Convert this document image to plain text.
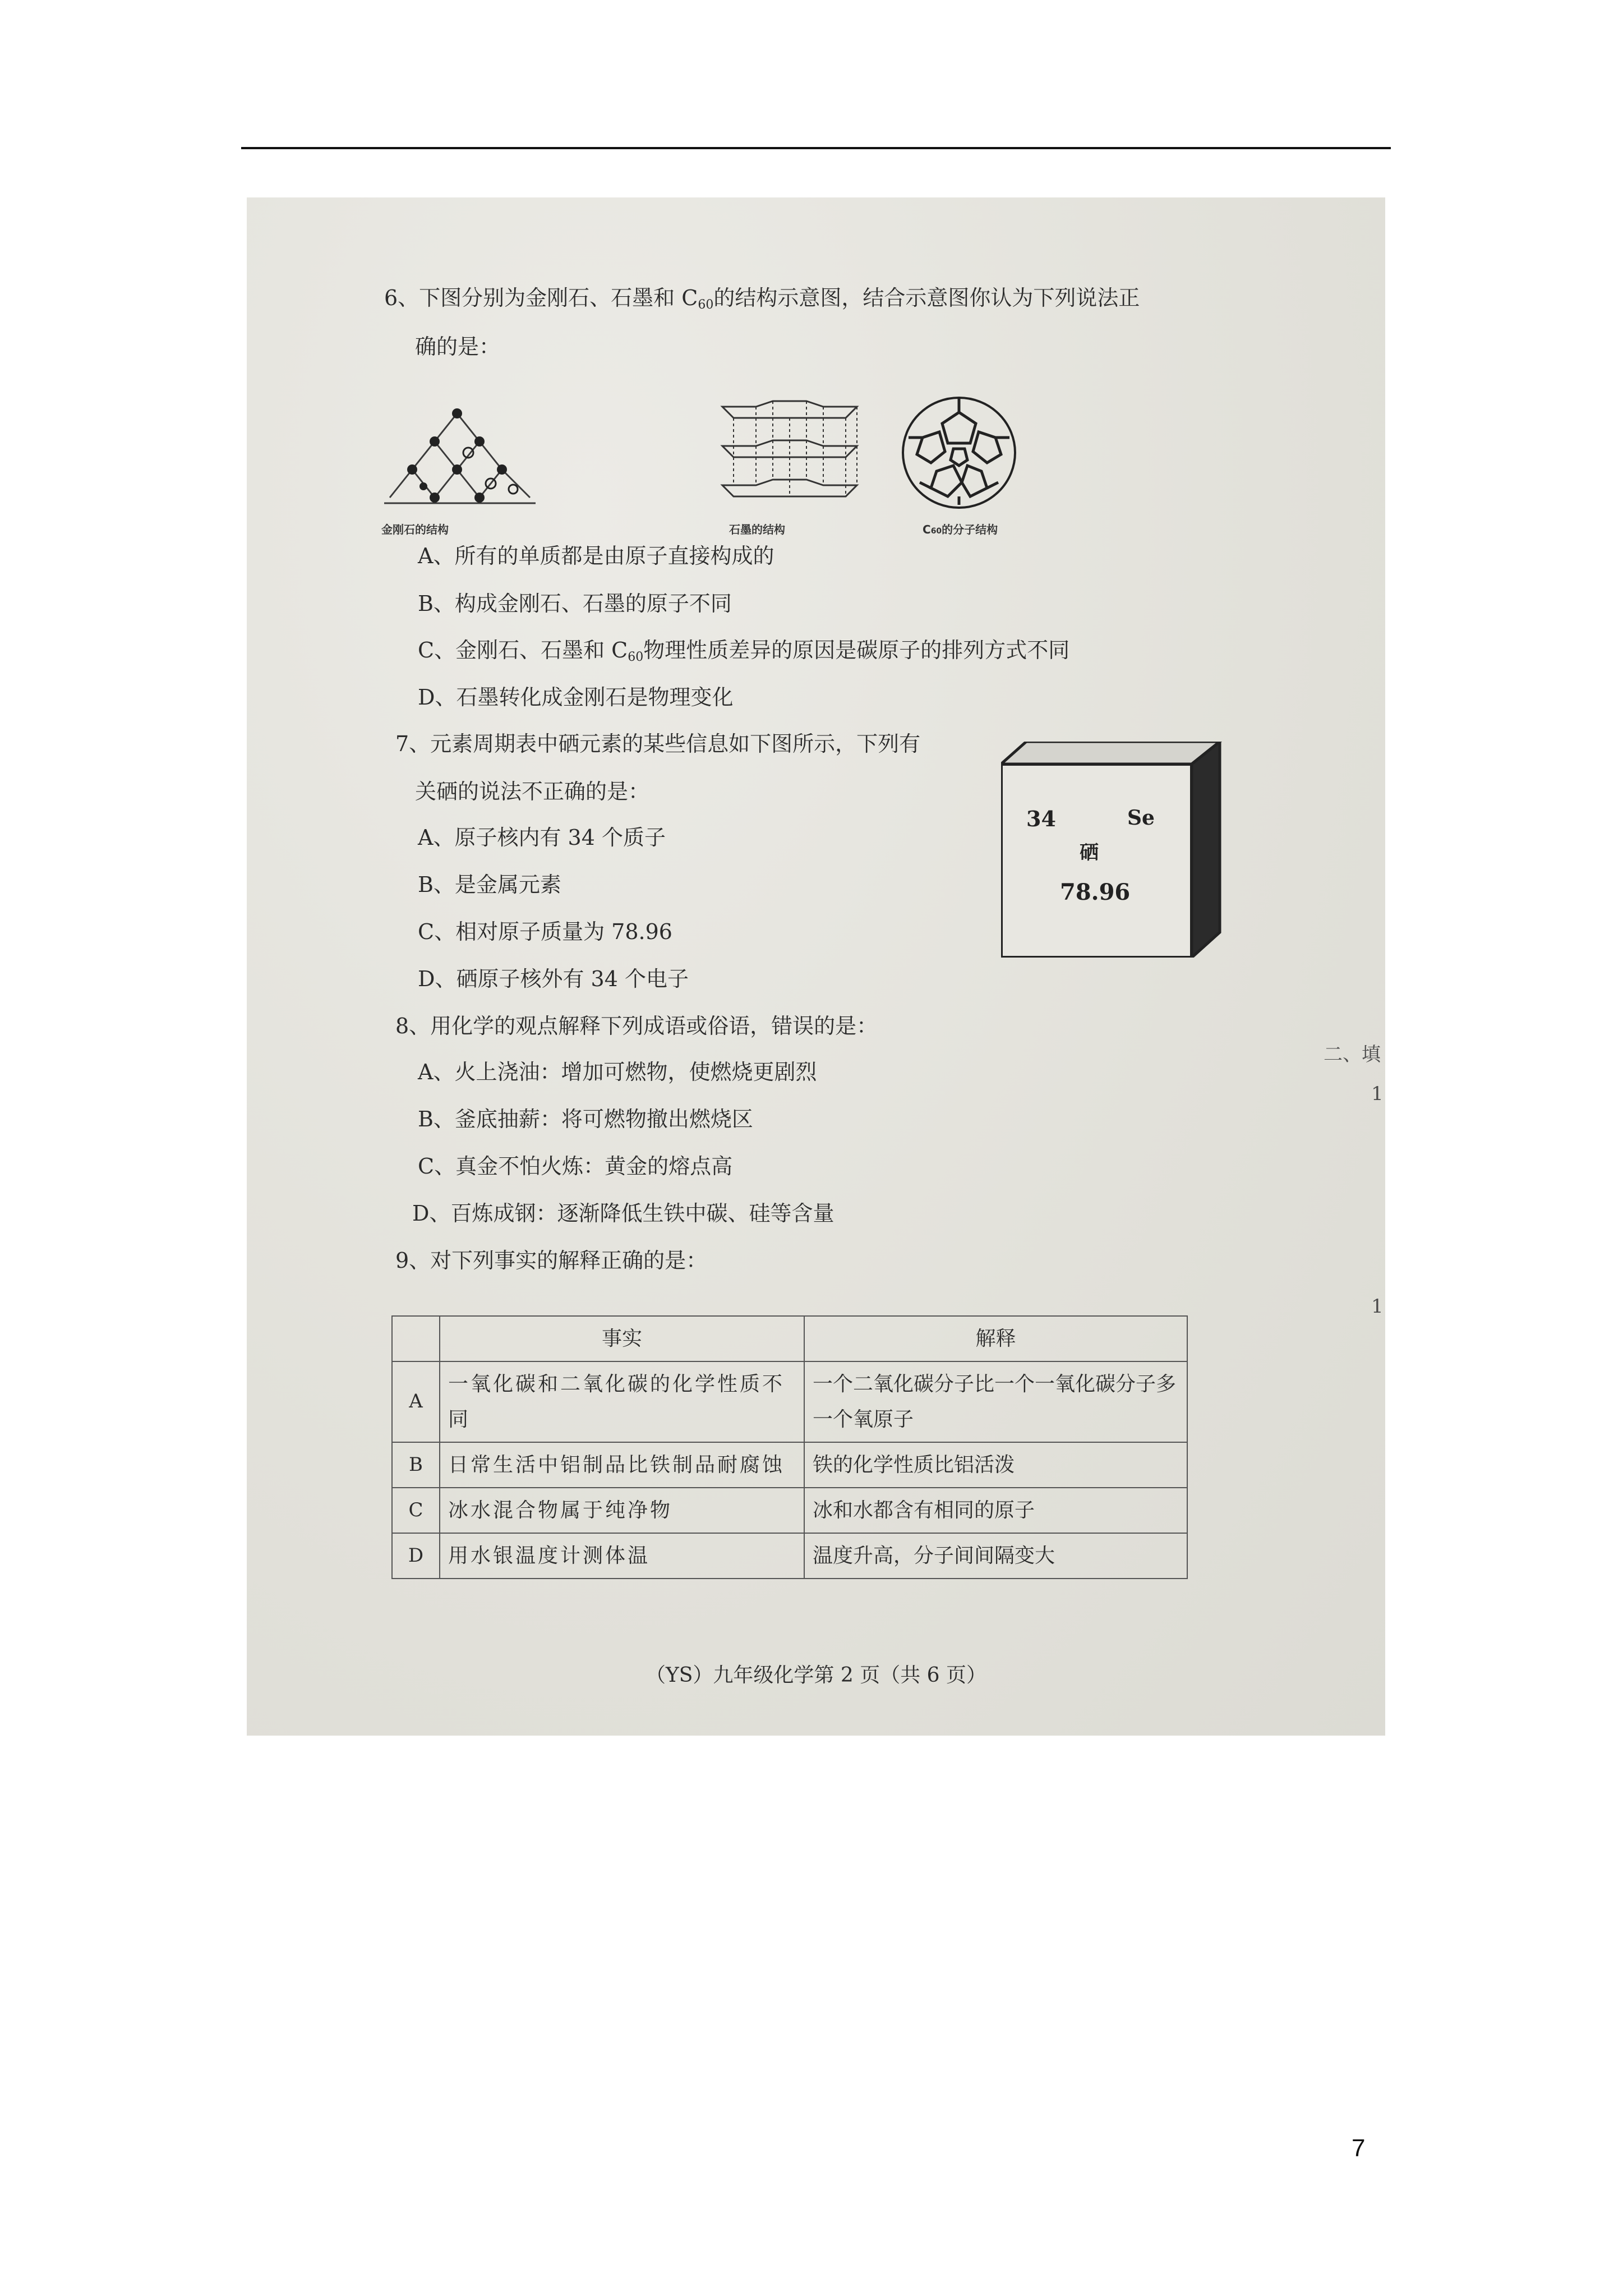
6、下图分别为金刚石、石墨和 $C_{60}$的结构示意图，结合示意图你认为下列说法正
确的是：
金刚石的结构	石墨的结构	C60的分子结构
A、所有的单质都是由原子直接构成的
B、构成金刚石、石墨的原子不同
C、金刚石、石墨和 $C_{60}$物理性质差异的原因是碳原子的排列方式不同
D、石墨转化成金刚石是物理变化
7、元素周期表中硒元素的某些信息如下图所示，下列有
关硒的说法不正确的是：
A、原子核内有 34 个质子
B、是金属元素
C、相对原子质量为 78.96
D、硒原子核外有 34 个电子
34	Se
硒
78.96
8、用化学的观点解释下列成语或俗语，错误的是：
A、火上浇油：增加可燃物，使燃烧更剧烈
B、釜底抽薪：将可燃物撤出燃烧区
C、真金不怕火炼：黄金的熔点高
D、百炼成钢：逐渐降低生铁中碳、硅等含量
9、对下列事实的解释正确的是：
	事实	解释
A	一氧化碳和二氧化碳的化学性质不同	一个二氧化碳分子比一个一氧化碳分子多一个氧原子
B	日常生活中铝制品比铁制品耐腐蚀	铁的化学性质比铝活泼
C	冰水混合物属于纯净物	冰和水都含有相同的原子
D	用水银温度计测体温	温度升高，分子间间隔变大
（YS）九年级化学第 2 页（共 6 页）
二、填
1
1
7
